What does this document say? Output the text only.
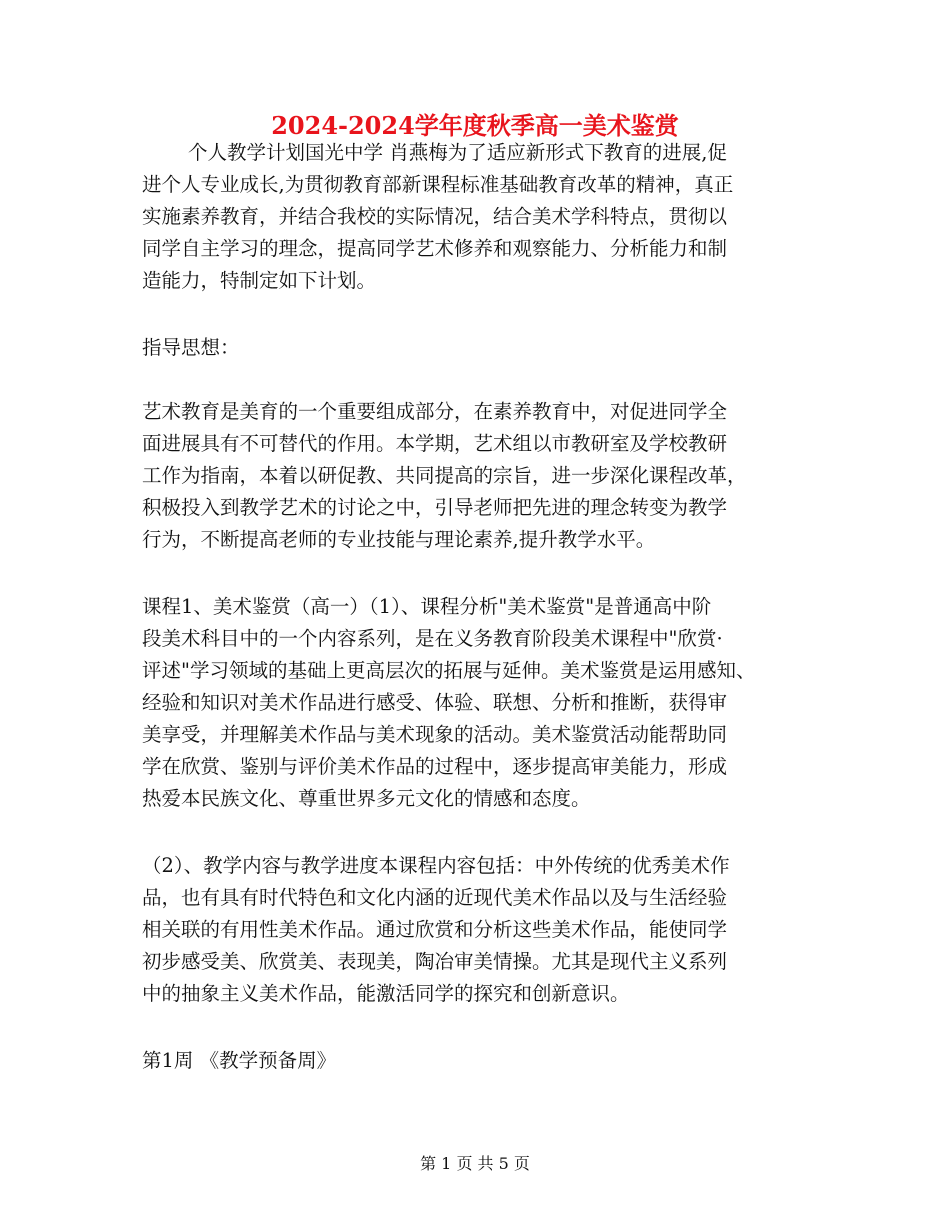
2024-2024学年度秋季高一美术鉴赏
个人教学计划国光中学 肖燕梅为了适应新形式下教育的进展,促
进个人专业成长,为贯彻教育部新课程标准基础教育改革的精神，真正
实施素养教育，并结合我校的实际情况，结合美术学科特点，贯彻以
同学自主学习的理念，提高同学艺术修养和观察能力、分析能力和制
造能力，特制定如下计划。
指导思想：
艺术教育是美育的一个重要组成部分，在素养教育中，对促进同学全
面进展具有不可替代的作用。本学期，艺术组以市教研室及学校教研
工作为指南，本着以研促教、共同提高的宗旨，进一步深化课程改革，
积极投入到教学艺术的讨论之中，引导老师把先进的理念转变为教学
行为，不断提高老师的专业技能与理论素养,提升教学水平。
课程1、美术鉴赏（高一）（1）、课程分析"美术鉴赏"是普通高中阶
段美术科目中的一个内容系列，是在义务教育阶段美术课程中"欣赏·
评述"学习领域的基础上更高层次的拓展与延伸。美术鉴赏是运用感知、
经验和知识对美术作品进行感受、体验、联想、分析和推断，获得审
美享受，并理解美术作品与美术现象的活动。美术鉴赏活动能帮助同
学在欣赏、鉴别与评价美术作品的过程中，逐步提高审美能力，形成
热爱本民族文化、尊重世界多元文化的情感和态度。
（2）、教学内容与教学进度本课程内容包括：中外传统的优秀美术作
品，也有具有时代特色和文化内涵的近现代美术作品以及与生活经验
相关联的有用性美术作品。通过欣赏和分析这些美术作品，能使同学
初步感受美、欣赏美、表现美，陶冶审美情操。尤其是现代主义系列
中的抽象主义美术作品，能激活同学的探究和创新意识。
第1周 《教学预备周》
第 1 页 共 5 页
